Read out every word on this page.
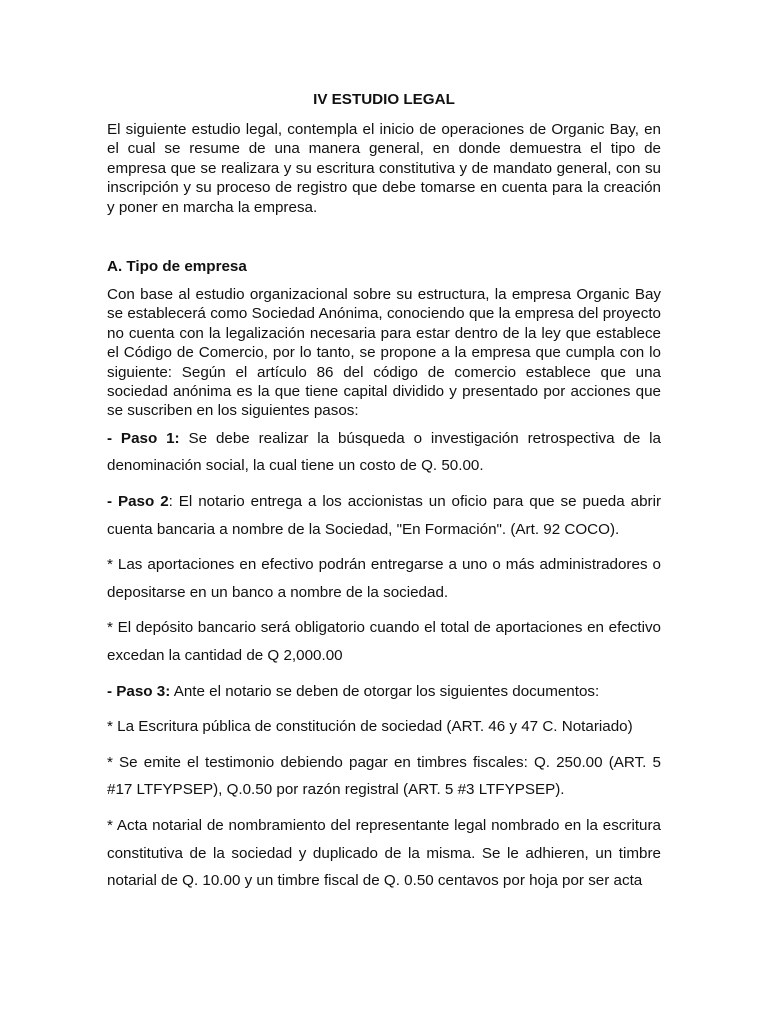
IV ESTUDIO LEGAL

El siguiente estudio legal, contempla el inicio de operaciones de Organic Bay, en el cual se resume de una manera general, en donde demuestra el tipo de empresa que se realizara y su escritura constitutiva y de mandato general, con su inscripción y su proceso de registro que debe tomarse en cuenta para la creación y poner en marcha la empresa.

A. Tipo de empresa

Con base al estudio organizacional sobre su estructura, la empresa Organic Bay se establecerá como Sociedad Anónima, conociendo que la empresa del proyecto no cuenta con la legalización necesaria para estar dentro de la ley que establece el Código de Comercio, por lo tanto, se propone a la empresa que cumpla con lo siguiente: Según el artículo 86 del código de comercio establece que una sociedad anónima es la que tiene capital dividido y presentado por acciones que se suscriben en los siguientes pasos:

- Paso 1: Se debe realizar la búsqueda o investigación retrospectiva de la denominación social, la cual tiene un costo de Q. 50.00.

- Paso 2: El notario entrega a los accionistas un oficio para que se pueda abrir cuenta bancaria a nombre de la Sociedad, "En Formación". (Art. 92 COCO).

* Las aportaciones en efectivo podrán entregarse a uno o más administradores o depositarse en un banco a nombre de la sociedad.

* El depósito bancario será obligatorio cuando el total de aportaciones en efectivo excedan la cantidad de Q 2,000.00

- Paso 3: Ante el notario se deben de otorgar los siguientes documentos:

* La Escritura pública de constitución de sociedad (ART. 46 y 47 C. Notariado)

* Se emite el testimonio debiendo pagar en timbres fiscales: Q. 250.00 (ART. 5 #17 LTFYPSEP), Q.0.50 por razón registral (ART. 5 #3 LTFYPSEP).

* Acta notarial de nombramiento del representante legal nombrado en la escritura constitutiva de la sociedad y duplicado de la misma. Se le adhieren, un timbre notarial de Q. 10.00 y un timbre fiscal de Q. 0.50 centavos por hoja por ser acta
